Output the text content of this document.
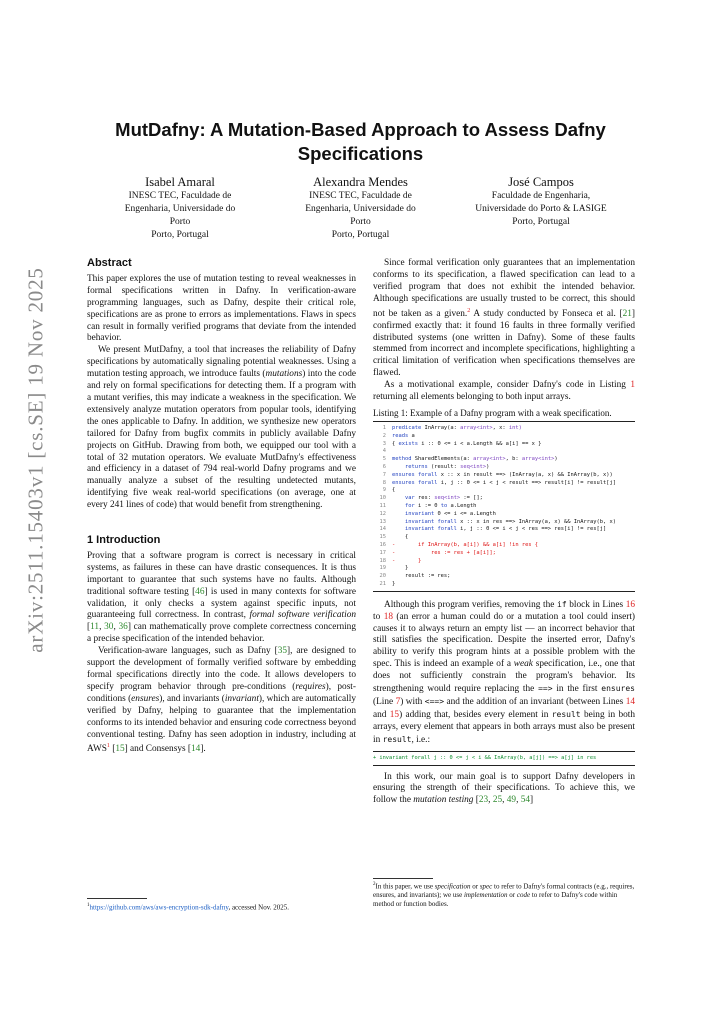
arXiv:2511.15403v1 [cs.SE] 19 Nov 2025
MutDafny: A Mutation-Based Approach to Assess Dafny Specifications
Isabel Amaral
INESC TEC, Faculdade de
Engenharia, Universidade do
Porto
Porto, Portugal
Alexandra Mendes
INESC TEC, Faculdade de
Engenharia, Universidade do
Porto
Porto, Portugal
José Campos
Faculdade de Engenharia,
Universidade do Porto & LASIGE
Porto, Portugal
Abstract

This paper explores the use of mutation testing to reveal weaknesses in formal specifications written in Dafny. In verification-aware programming languages, such as Dafny, despite their critical role, specifications are as prone to errors as implementations. Flaws in specs can result in formally verified programs that deviate from the intended behavior.

We present MutDafny, a tool that increases the reliability of Dafny specifications by automatically signaling potential weaknesses. Using a mutation testing approach, we introduce faults (mutations) into the code and rely on formal specifications for detecting them. If a program with a mutant verifies, this may indicate a weakness in the specification. We extensively analyze mutation operators from popular tools, identifying the ones applicable to Dafny. In addition, we synthesize new operators tailored for Dafny from bugfix commits in publicly available Dafny projects on GitHub. Drawing from both, we equipped our tool with a total of 32 mutation operators. We evaluate MutDafny's effectiveness and efficiency in a dataset of 794 real-world Dafny programs and we manually analyze a subset of the resulting undetected mutants, identifying five weak real-world specifications (on average, one at every 241 lines of code) that would benefit from strengthening.

1 Introduction

Proving that a software program is correct is necessary in critical systems, as failures in these can have drastic consequences. It is thus important to guarantee that such systems have no faults. Although traditional software testing [46] is used in many contexts for software validation, it only checks a system against specific inputs, not guaranteeing full correctness. In contrast, formal software verification [11, 30, 36] can mathematically prove complete correctness concerning a precise specification of the intended behavior.

Verification-aware languages, such as Dafny [35], are designed to support the development of formally verified software by embedding formal specifications directly into the code. It allows developers to specify program behavior through pre-conditions (requires), post-conditions (ensures), and invariants (invariant), which are automatically verified by Dafny, helping to guarantee that the implementation conforms to its intended behavior and ensuring code correctness beyond conventional testing. Dafny has seen adoption in industry, including at AWS$^1$ [15] and Consensys [14].

$^1$https://github.com/aws/aws-encryption-sdk-dafny, accessed Nov. 2025.

Since formal verification only guarantees that an implementation conforms to its specification, a flawed specification can lead to a verified program that does not exhibit the intended behavior. Although specifications are usually trusted to be correct, this should not be taken as a given.$^2$ A study conducted by Fonseca et al. [21] confirmed exactly that: it found 16 faults in three formally verified distributed systems (one written in Dafny). Some of these faults stemmed from incorrect and incomplete specifications, highlighting a critical limitation of verification when specifications themselves are flawed.

As a motivational example, consider Dafny's code in Listing 1 returning all elements belonging to both input arrays.

Listing 1: Example of a Dafny program with a weak specification.
1	predicate InArray(a: array<int>, x: int)
2	reads a
3	{ exists i :: 0 <= i < a.Length && a[i] == x }
4
5	method SharedElements(a: array<int>, b: array<int>)
6	returns (result: seq<int>)
7	ensures forall x :: x in result ==> (InArray(a, x) && InArray(b, x))
8	ensures forall i, j :: 0 <= i < j < result ==> result[i] != result[j]
9	{
10	var res: seq<int> := [];
11	for i := 0 to a.Length
12	invariant 0 <= i <= a.Length
13	invariant forall x :: x in res ==> InArray(a, x) && InArray(b, x)
14	invariant forall i, j :: 0 <= i < j < res ==> res[i] != res[j]
15	{
16	-       if InArray(b, a[i]) && a[i] !in res {
17	-           res := res + [a[i]];
18	-       }
19	}
20	result := res;
21	}

Although this program verifies, removing the if block in Lines 16 to 18 (an error a human could do or a mutation a tool could insert) causes it to always return an empty list — an incorrect behavior that still satisfies the specification. Despite the inserted error, Dafny's ability to verify this program hints at a possible problem with the spec. This is indeed an example of a weak specification, i.e., one that does not sufficiently constrain the program's behavior. Its strengthening would require replacing the ==> in the first ensures (Line 7) with <==> and the addition of an invariant (between Lines 14 and 15) adding that, besides every element in result being in both arrays, every element that appears in both arrays must also be present in result, i.e.:

+ invariant forall j :: 0 <= j < i && InArray(b, a[j]) ==> a[j] in res

In this work, our main goal is to support Dafny developers in ensuring the strength of their specifications. To achieve this, we follow the mutation testing [23, 25, 49, 54]

$^2$In this paper, we use specification or spec to refer to Dafny's formal contracts (e.g., requires, ensures, and invariants); we use implementation or code to refer to Dafny's code within method or function bodies.
